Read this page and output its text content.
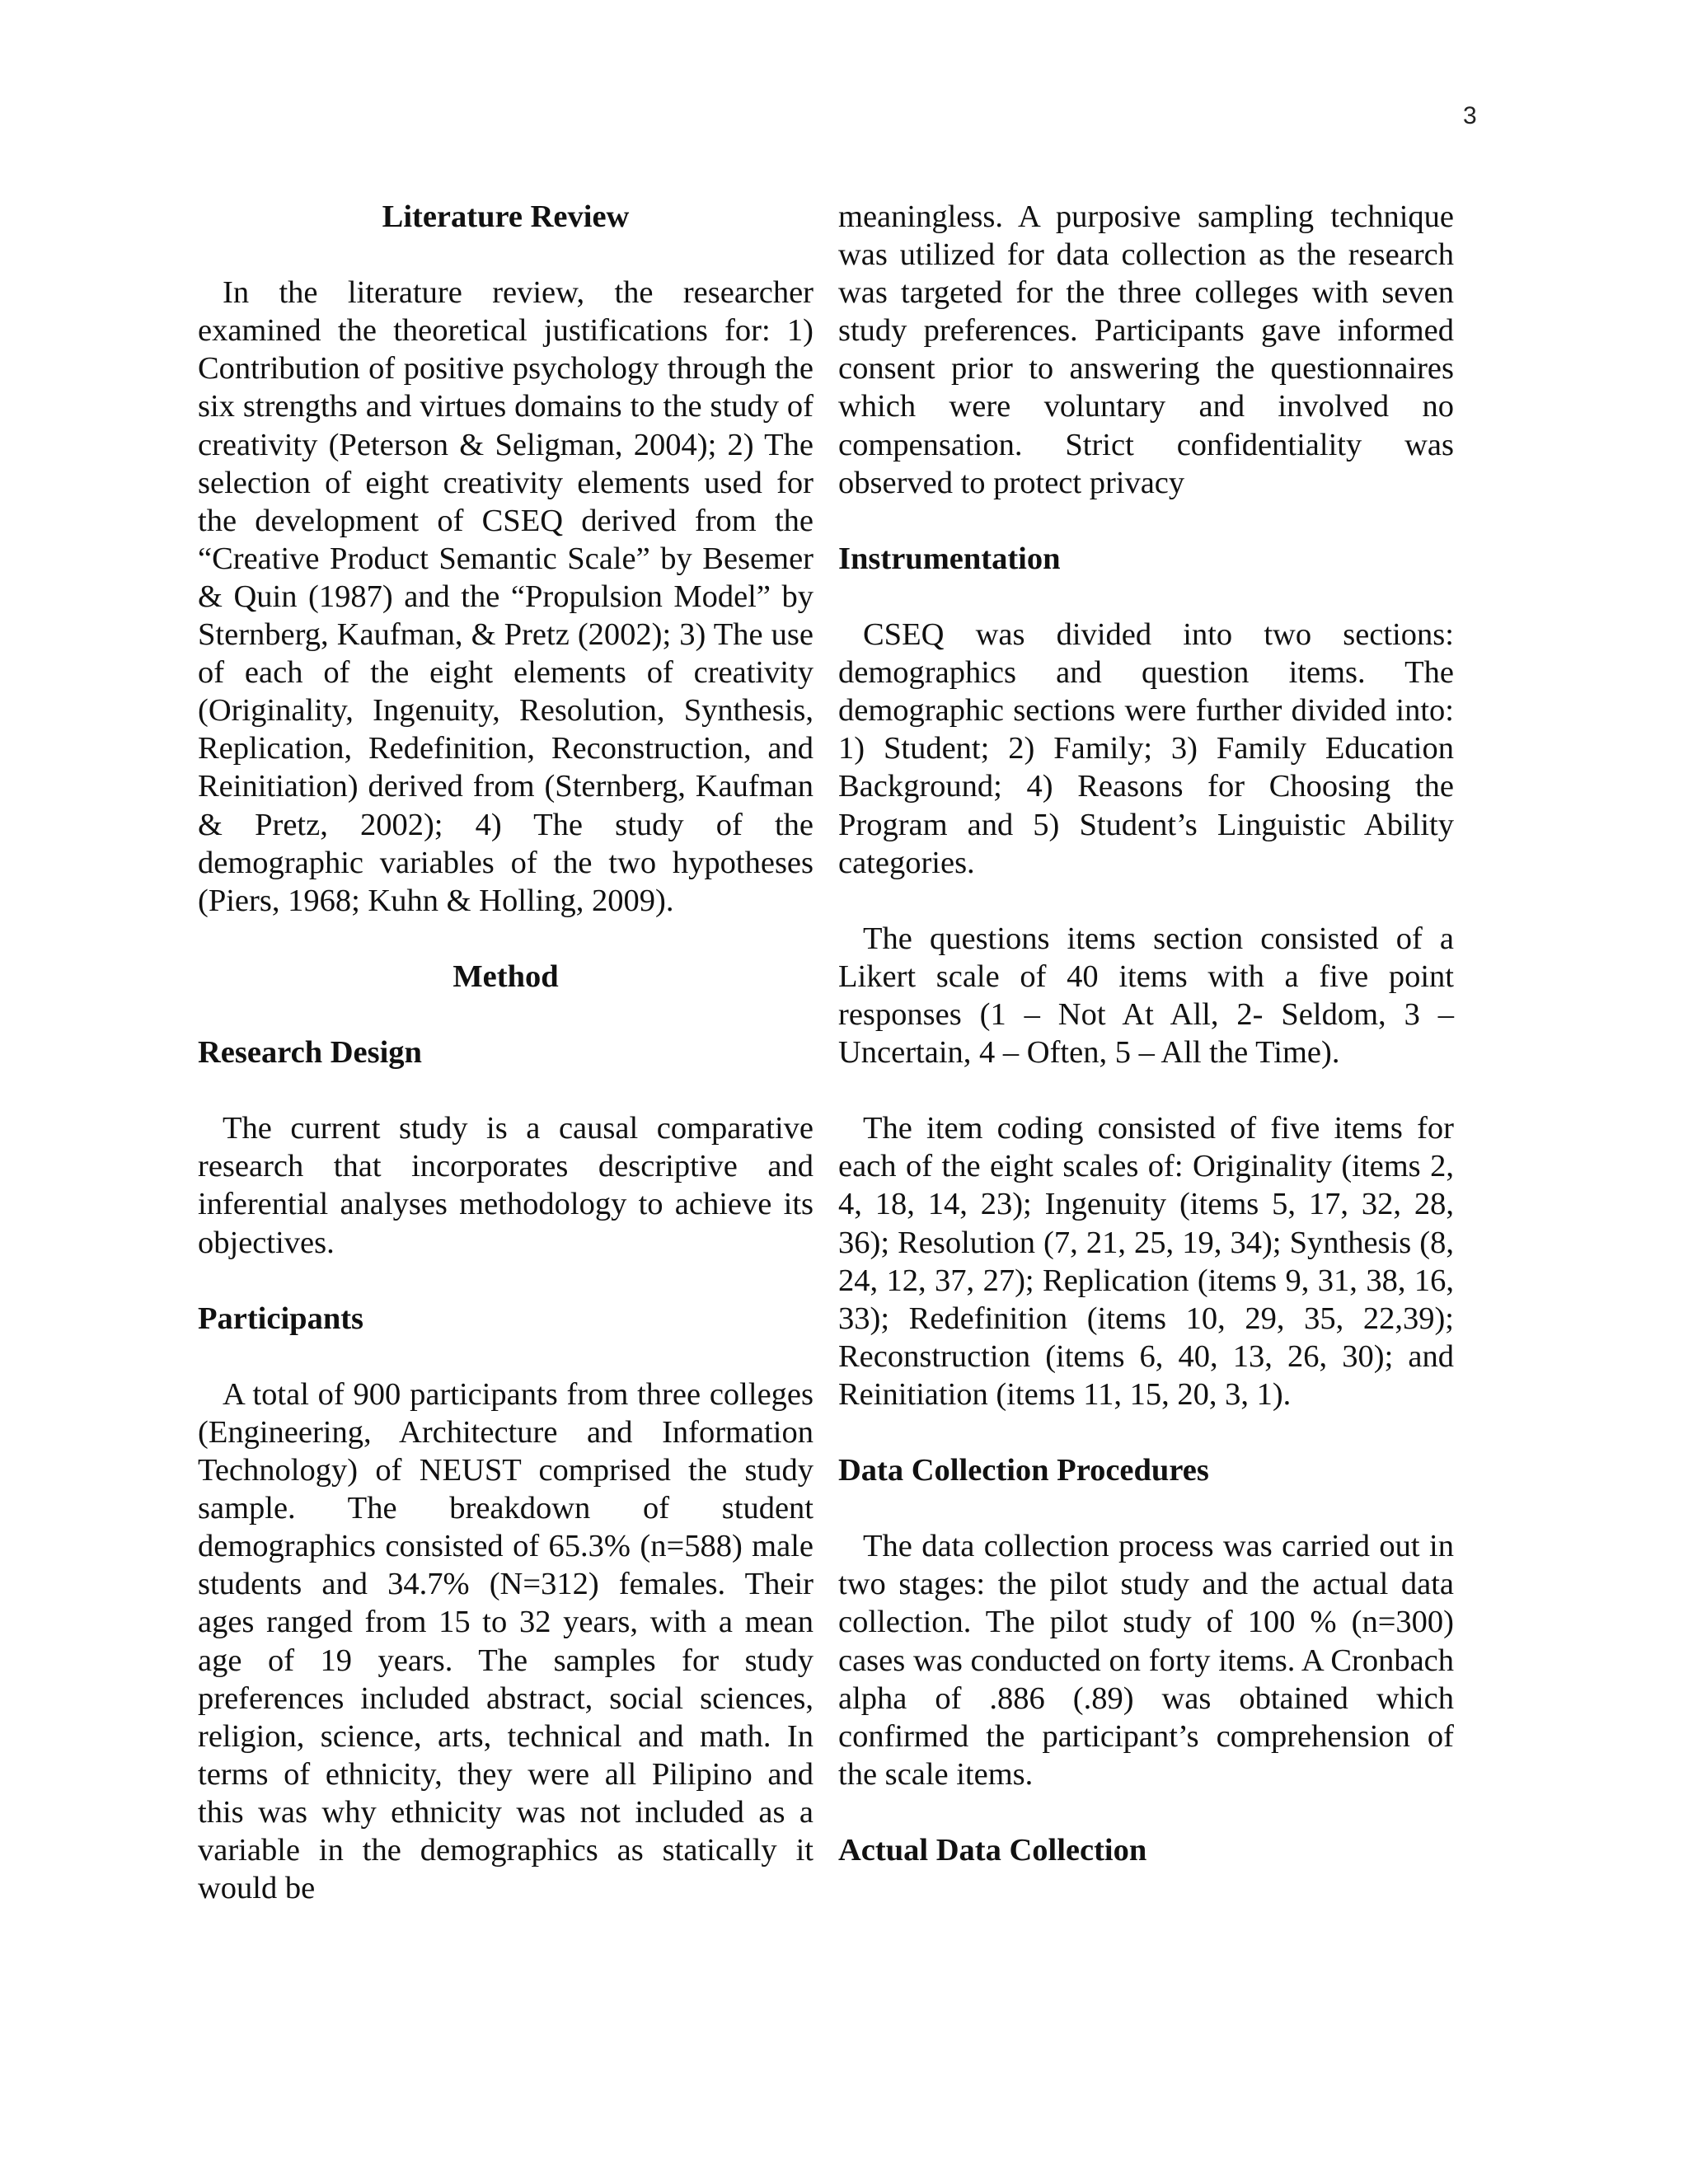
3

Literature Review

In the literature review, the researcher examined the theoretical justifications for: 1) Contribution of positive psychology through the six strengths and virtues domains to the study of creativity (Peterson & Seligman, 2004); 2) The selection of eight creativity elements used for the development of CSEQ derived from the “Creative Product Semantic Scale” by Besemer & Quin (1987) and the “Propulsion Model” by Sternberg, Kaufman, & Pretz (2002); 3) The use of each of the eight elements of creativity (Originality, Ingenuity, Resolution, Synthesis, Replication, Redefinition, Reconstruction, and Reinitiation) derived from (Sternberg, Kaufman & Pretz, 2002); 4) The study of the demographic variables of the two hypotheses (Piers, 1968; Kuhn & Holling, 2009).

Method

Research Design

The current study is a causal comparative research that incorporates descriptive and inferential analyses methodology to achieve its objectives.

Participants

A total of 900 participants from three colleges (Engineering, Architecture and Information Technology) of NEUST comprised the study sample. The breakdown of student demographics consisted of 65.3% (n=588) male students and 34.7% (N=312) females. Their ages ranged from 15 to 32 years, with a mean age of 19 years. The samples for study preferences included abstract, social sciences, religion, science, arts, technical and math. In terms of ethnicity, they were all Pilipino and this was why ethnicity was not included as a variable in the demographics as statically it would be

meaningless. A purposive sampling technique was utilized for data collection as the research was targeted for the three colleges with seven study preferences. Participants gave informed consent prior to answering the questionnaires which were voluntary and involved no compensation. Strict confidentiality was observed to protect privacy

Instrumentation

CSEQ was divided into two sections: demographics and question items. The demographic sections were further divided into: 1) Student; 2) Family; 3) Family Education Background; 4) Reasons for Choosing the Program and 5) Student’s Linguistic Ability categories.

The questions items section consisted of a Likert scale of 40 items with a five point responses (1 – Not At All, 2- Seldom, 3 – Uncertain, 4 – Often, 5 – All the Time).

The item coding consisted of five items for each of the eight scales of: Originality (items 2, 4, 18, 14, 23); Ingenuity (items 5, 17, 32, 28, 36); Resolution (7, 21, 25, 19, 34); Synthesis (8, 24, 12, 37, 27); Replication (items 9, 31, 38, 16, 33); Redefinition (items 10, 29, 35, 22,39); Reconstruction (items 6, 40, 13, 26, 30); and Reinitiation (items 11, 15, 20, 3, 1).

Data Collection Procedures

The data collection process was carried out in two stages: the pilot study and the actual data collection. The pilot study of 100 % (n=300) cases was conducted on forty items. A Cronbach alpha of .886 (.89) was obtained which confirmed the participant’s comprehension of the scale items.

Actual Data Collection
